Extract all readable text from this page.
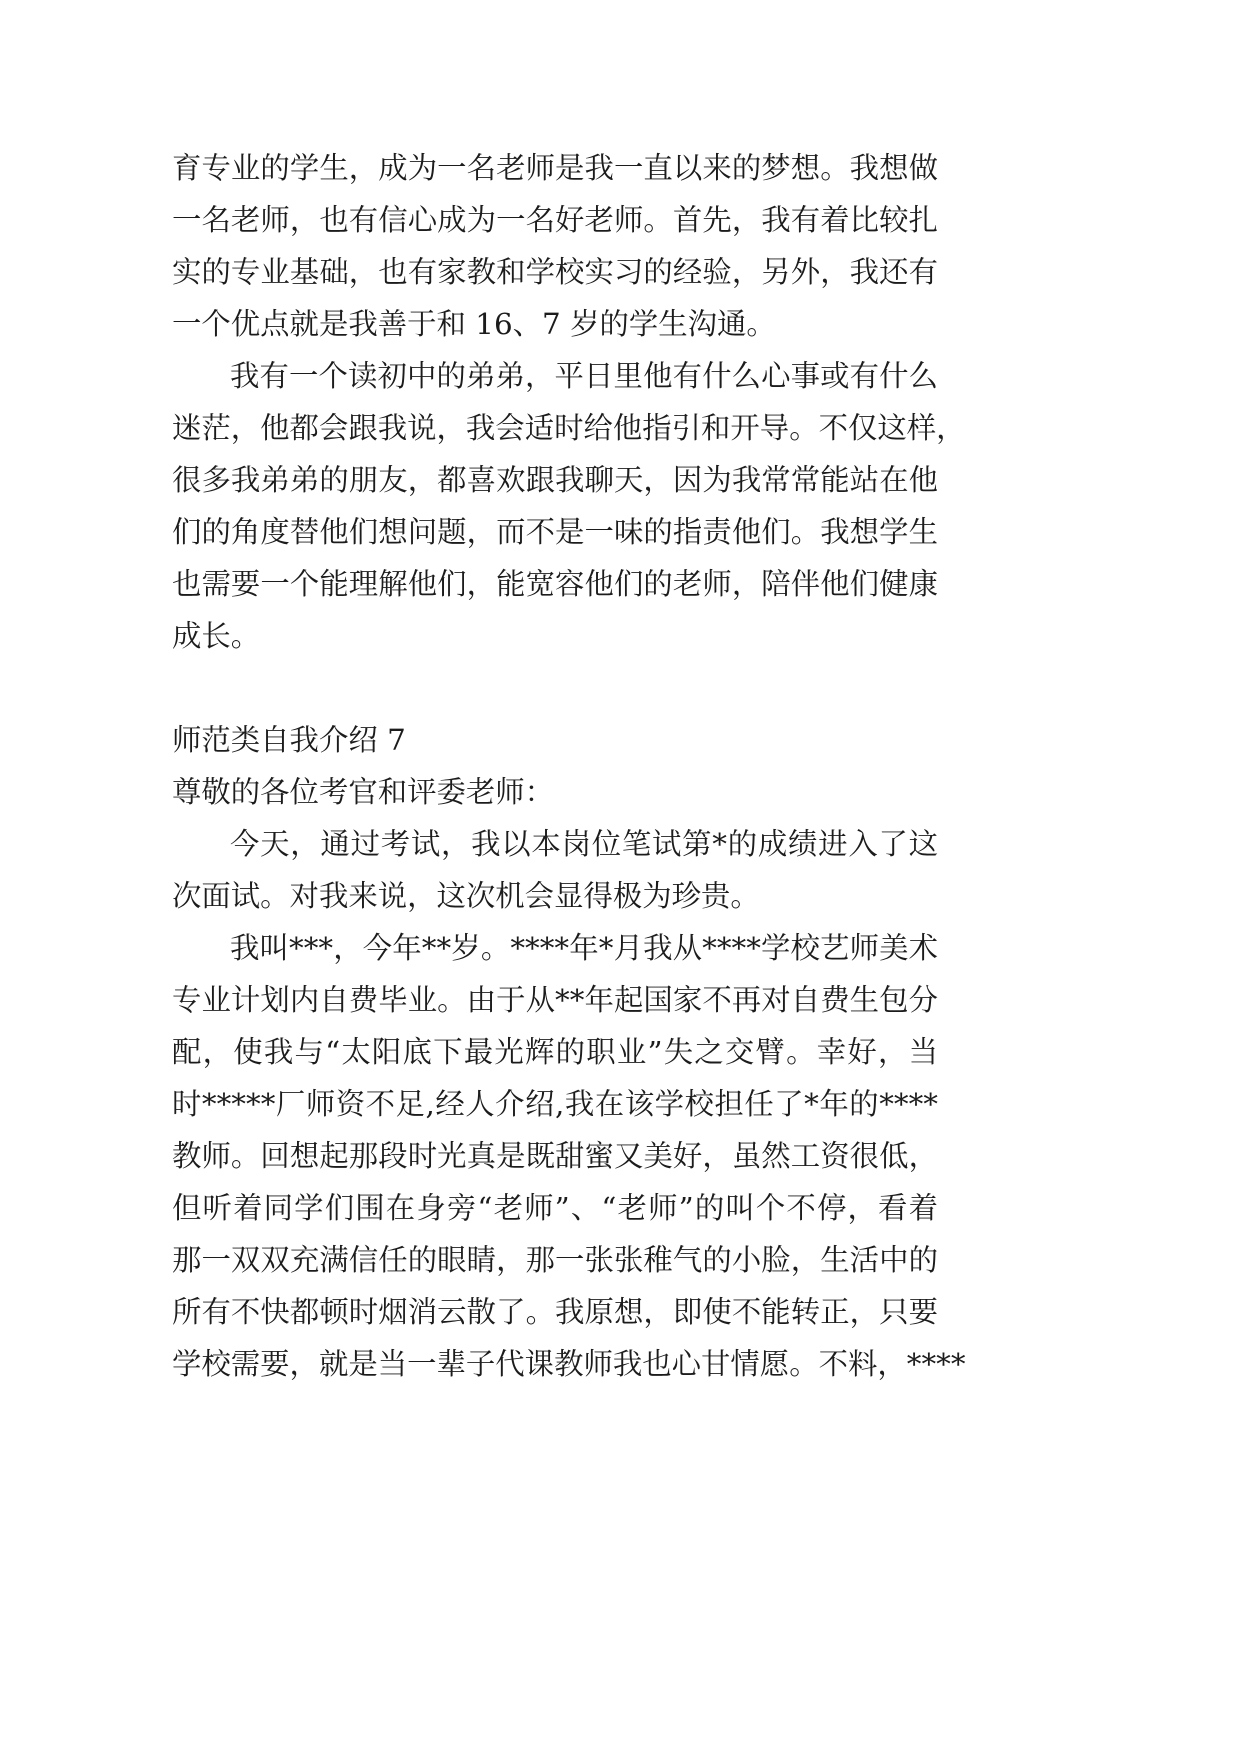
育专业的学生，成为一名老师是我一直以来的梦想。我想做
一名老师，也有信心成为一名好老师。首先，我有着比较扎
实的专业基础，也有家教和学校实习的经验，另外，我还有
一个优点就是我善于和 16、7 岁的学生沟通。
我有一个读初中的弟弟，平日里他有什么心事或有什么
迷茫，他都会跟我说，我会适时给他指引和开导。不仅这样，
很多我弟弟的朋友，都喜欢跟我聊天，因为我常常能站在他
们的角度替他们想问题，而不是一味的指责他们。我想学生
也需要一个能理解他们，能宽容他们的老师，陪伴他们健康
成长。
师范类自我介绍 7
尊敬的各位考官和评委老师：
今天，通过考试，我以本岗位笔试第*的成绩进入了这
次面试。对我来说，这次机会显得极为珍贵。
我叫***，今年**岁。****年*月我从****学校艺师美术
专业计划内自费毕业。由于从**年起国家不再对自费生包分
配，使我与“太阳底下最光辉的职业”失之交臂。幸好，当
时*****厂师资不足,经人介绍,我在该学校担任了*年的****
教师。回想起那段时光真是既甜蜜又美好，虽然工资很低，
但听着同学们围在身旁“老师”、“老师”的叫个不停，看着
那一双双充满信任的眼睛，那一张张稚气的小脸，生活中的
所有不快都顿时烟消云散了。我原想，即使不能转正，只要
学校需要，就是当一辈子代课教师我也心甘情愿。不料，****
